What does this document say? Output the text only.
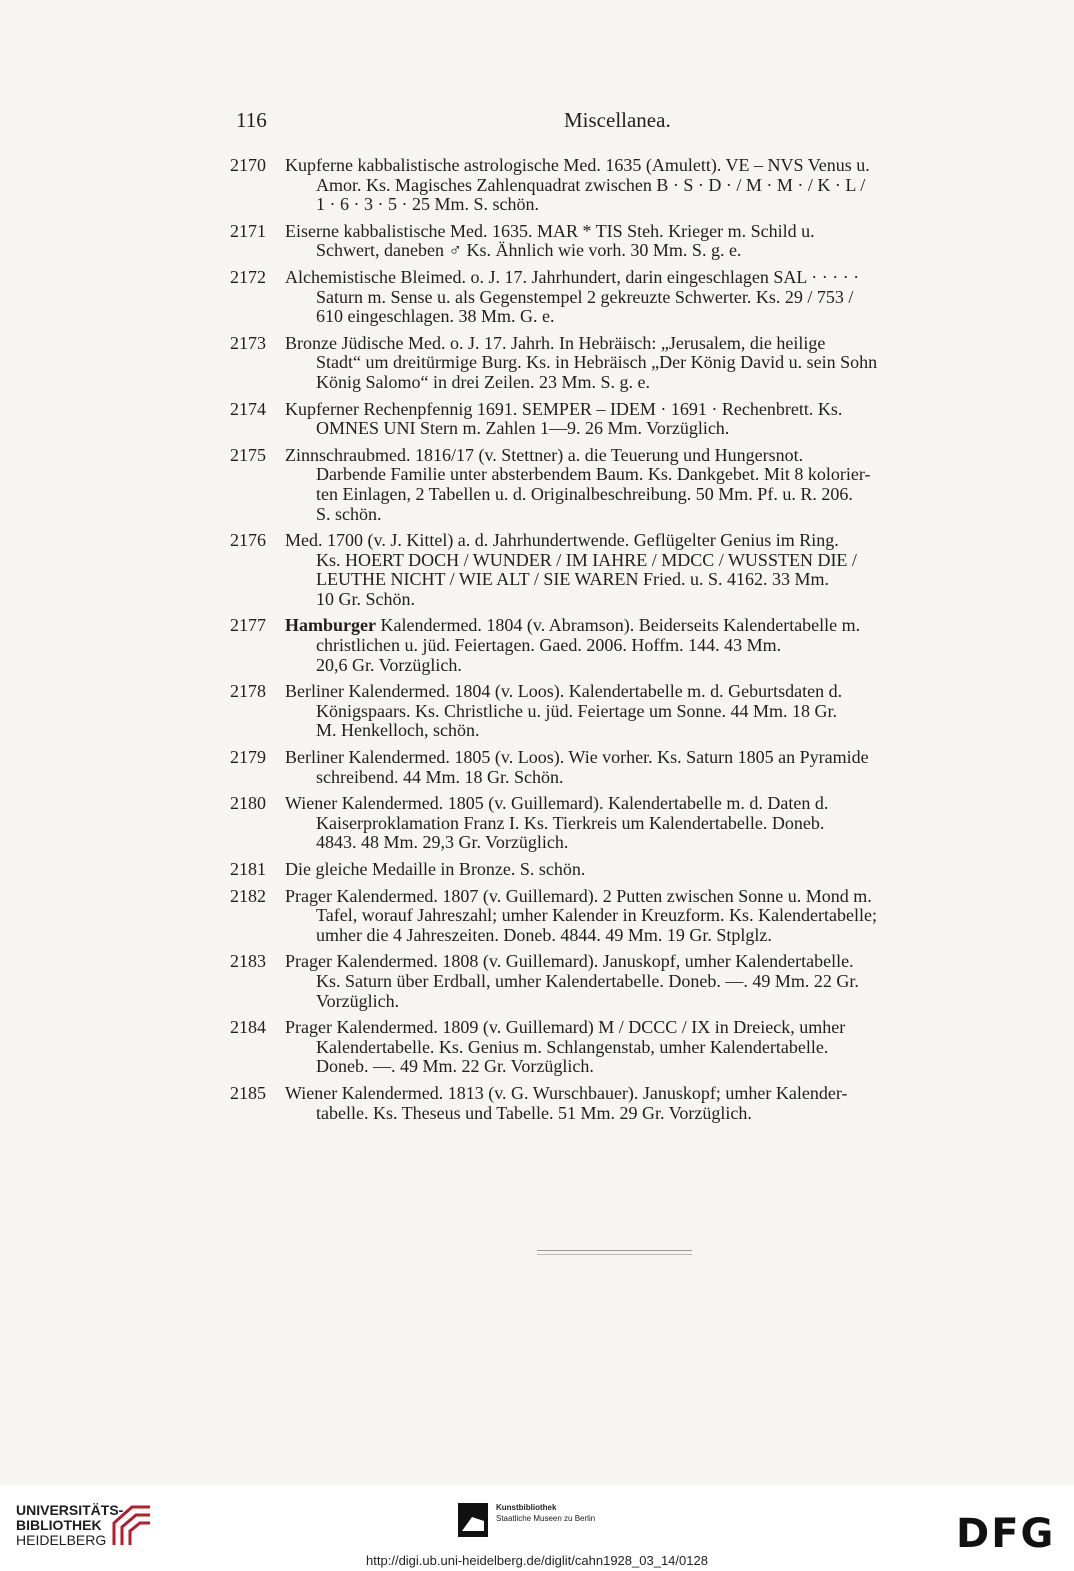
116	Miscellanea.
2170	Kupferne kabbalistische astrologische Med. 1635 (Amulett). VE – NVS Venus u.
Amor. Ks. Magisches Zahlenquadrat zwischen B · S · D · / M · M · / K · L /
1 · 6 · 3 · 5 · 25 Mm. S. schön.
2171	Eiserne kabbalistische Med. 1635. MAR * TIS Steh. Krieger m. Schild u.
Schwert, daneben ♂ Ks. Ähnlich wie vorh. 30 Mm. S. g. e.
2172	Alchemistische Bleimed. o. J. 17. Jahrhundert, darin eingeschlagen SAL · · · · ·
Saturn m. Sense u. als Gegenstempel 2 gekreuzte Schwerter. Ks. 29 / 753 /
610 eingeschlagen. 38 Mm. G. e.
2173	Bronze Jüdische Med. o. J. 17. Jahrh. In Hebräisch: „Jerusalem, die heilige
Stadt“ um dreitürmige Burg. Ks. in Hebräisch „Der König David u. sein Sohn
König Salomo“ in drei Zeilen. 23 Mm. S. g. e.
2174	Kupferner Rechenpfennig 1691. SEMPER – IDEM · 1691 · Rechenbrett. Ks.
OMNES UNI Stern m. Zahlen 1—9. 26 Mm. Vorzüglich.
2175	Zinnschraubmed. 1816/17 (v. Stettner) a. die Teuerung und Hungersnot.
Darbende Familie unter absterbendem Baum. Ks. Dankgebet. Mit 8 kolorier-
ten Einlagen, 2 Tabellen u. d. Originalbeschreibung. 50 Mm. Pf. u. R. 206.
S. schön.
2176	Med. 1700 (v. J. Kittel) a. d. Jahrhundertwende. Geflügelter Genius im Ring.
Ks. HOERT DOCH / WUNDER / IM IAHRE / MDCC / WUSSTEN DIE /
LEUTHE NICHT / WIE ALT / SIE WAREN Fried. u. S. 4162. 33 Mm.
10 Gr. Schön.
2177	Hamburger Kalendermed. 1804 (v. Abramson). Beiderseits Kalendertabelle m.
christlichen u. jüd. Feiertagen. Gaed. 2006. Hoffm. 144. 43 Mm.
20,6 Gr. Vorzüglich.
2178	Berliner Kalendermed. 1804 (v. Loos). Kalendertabelle m. d. Geburtsdaten d.
Königspaars. Ks. Christliche u. jüd. Feiertage um Sonne. 44 Mm. 18 Gr.
M. Henkelloch, schön.
2179	Berliner Kalendermed. 1805 (v. Loos). Wie vorher. Ks. Saturn 1805 an Pyramide
schreibend. 44 Mm. 18 Gr. Schön.
2180	Wiener Kalendermed. 1805 (v. Guillemard). Kalendertabelle m. d. Daten d.
Kaiserproklamation Franz I. Ks. Tierkreis um Kalendertabelle. Doneb.
4843. 48 Mm. 29,3 Gr. Vorzüglich.
2181	Die gleiche Medaille in Bronze. S. schön.
2182	Prager Kalendermed. 1807 (v. Guillemard). 2 Putten zwischen Sonne u. Mond m.
Tafel, worauf Jahreszahl; umher Kalender in Kreuzform. Ks. Kalendertabelle;
umher die 4 Jahreszeiten. Doneb. 4844. 49 Mm. 19 Gr. Stplglz.
2183	Prager Kalendermed. 1808 (v. Guillemard). Januskopf, umher Kalendertabelle.
Ks. Saturn über Erdball, umher Kalendertabelle. Doneb. —. 49 Mm. 22 Gr.
Vorzüglich.
2184	Prager Kalendermed. 1809 (v. Guillemard) M / DCCC / IX in Dreieck, umher
Kalendertabelle. Ks. Genius m. Schlangenstab, umher Kalendertabelle.
Doneb. —. 49 Mm. 22 Gr. Vorzüglich.
2185	Wiener Kalendermed. 1813 (v. G. Wurschbauer). Januskopf; umher Kalender-
tabelle. Ks. Theseus und Tabelle. 51 Mm. 29 Gr. Vorzüglich.
UNIVERSITÄTS-
BIBLIOTHEK
HEIDELBERG
Kunstbibliothek
Staatliche Museen zu Berlin	DFG
http://digi.ub.uni-heidelberg.de/diglit/cahn1928_03_14/0128
